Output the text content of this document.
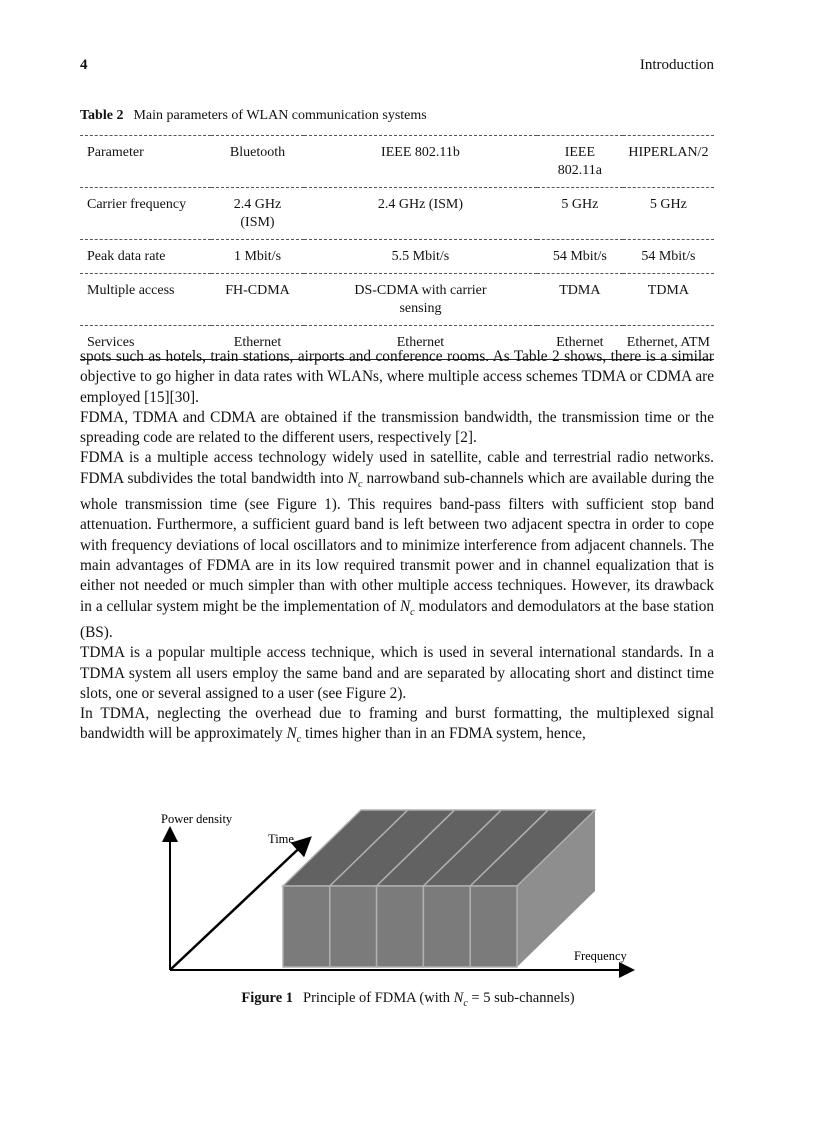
4	Introduction
Table 2 Main parameters of WLAN communication systems
Parameter	Bluetooth	IEEE 802.11b	IEEE 802.11a	HIPERLAN/2
Carrier frequency	2.4 GHz (ISM)	2.4 GHz (ISM)	5 GHz	5 GHz
Peak data rate	1 Mbit/s	5.5 Mbit/s	54 Mbit/s	54 Mbit/s
Multiple access	FH-CDMA	DS-CDMA with carrier sensing	TDMA	TDMA
Services	Ethernet	Ethernet	Ethernet	Ethernet, ATM

spots such as hotels, train stations, airports and conference rooms. As Table 2 shows, there is a similar objective to go higher in data rates with WLANs, where multiple access schemes TDMA or CDMA are employed [15][30].

FDMA, TDMA and CDMA are obtained if the transmission bandwidth, the transmission time or the spreading code are related to the different users, respectively [2].

FDMA is a multiple access technology widely used in satellite, cable and terrestrial radio networks. FDMA subdivides the total bandwidth into $N_c$ narrowband sub-channels which are available during the whole transmission time (see Figure 1). This requires band-pass filters with sufficient stop band attenuation. Furthermore, a sufficient guard band is left between two adjacent spectra in order to cope with frequency deviations of local oscillators and to minimize interference from adjacent channels. The main advantages of FDMA are in its low required transmit power and in channel equalization that is either not needed or much simpler than with other multiple access techniques. However, its drawback in a cellular system might be the implementation of $N_c$ modulators and demodulators at the base station (BS).

TDMA is a popular multiple access technique, which is used in several international standards. In a TDMA system all users employ the same band and are separated by allocating short and distinct time slots, one or several assigned to a user (see Figure 2).

In TDMA, neglecting the overhead due to framing and burst formatting, the multiplexed signal bandwidth will be approximately $N_c$ times higher than in an FDMA system, hence,

Power density
Time
Frequency
Figure 1 Principle of FDMA (with $N_c = 5$ sub-channels)
